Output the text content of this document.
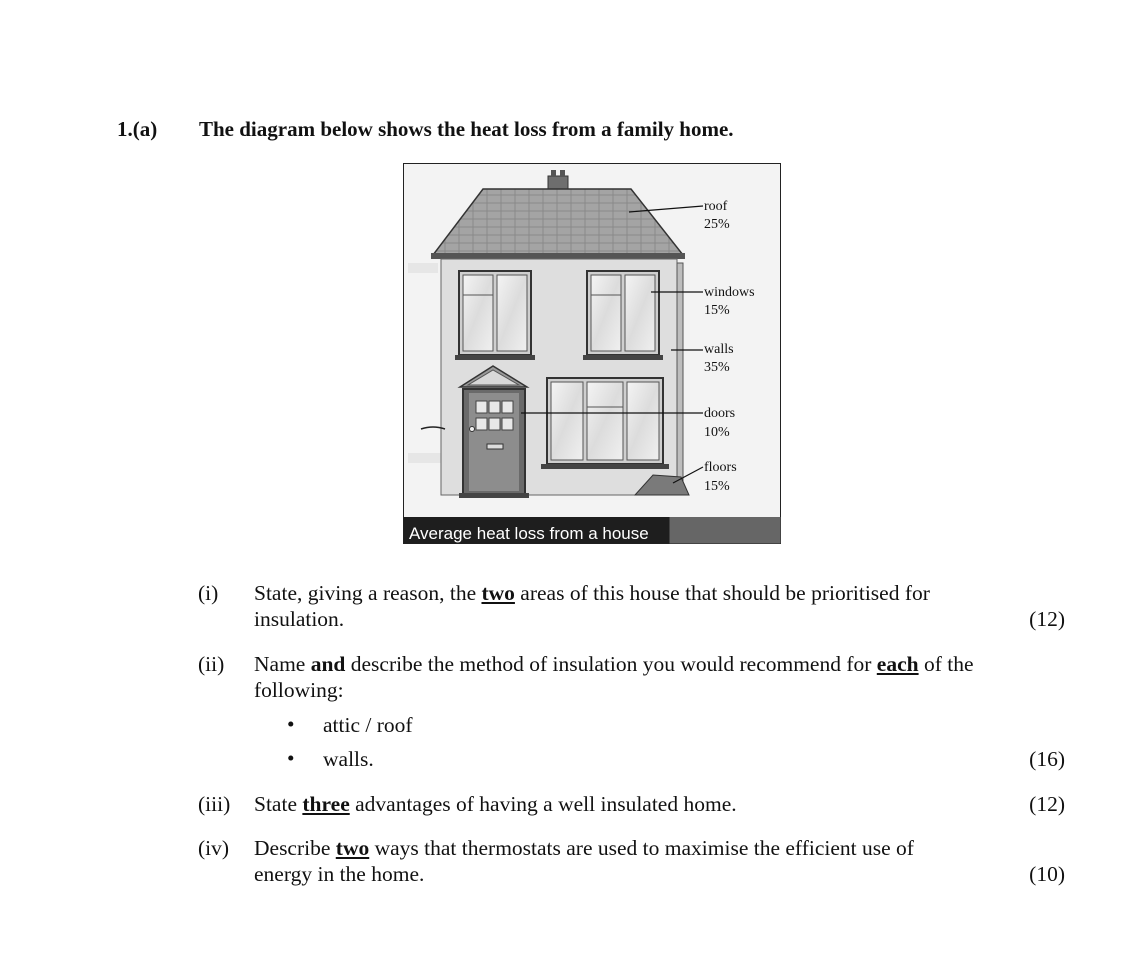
1.(a) The diagram below shows the heat loss from a family home.
roof
25%
windows
15%
walls
35%
doors
10%
floors
15%
Average heat loss from a house
(i)	State, giving a reason, the two areas of this house that should be prioritised for
insulation.	(12)
(ii)	Name and describe the method of insulation you would recommend for each of the
following:
• attic / roof
• walls.	(16)
(iii)	State three advantages of having a well insulated home.	(12)
(iv)	Describe two ways that thermostats are used to maximise the efficient use of
energy in the home.	(10)
